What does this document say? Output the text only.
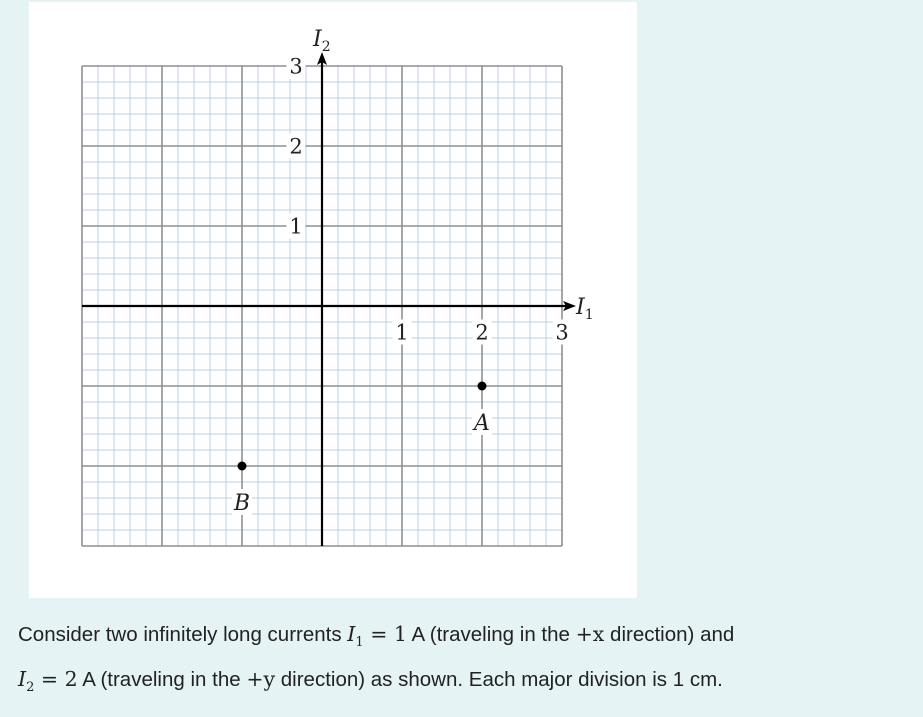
1	2	3
1
2
3
$I_1$
$I_2$
A
B
Consider two infinitely long currents $I_1 = 1$ A (traveling in the +x direction) and
$I_2 = 2$ A (traveling in the +y direction) as shown. Each major division is 1 cm.
